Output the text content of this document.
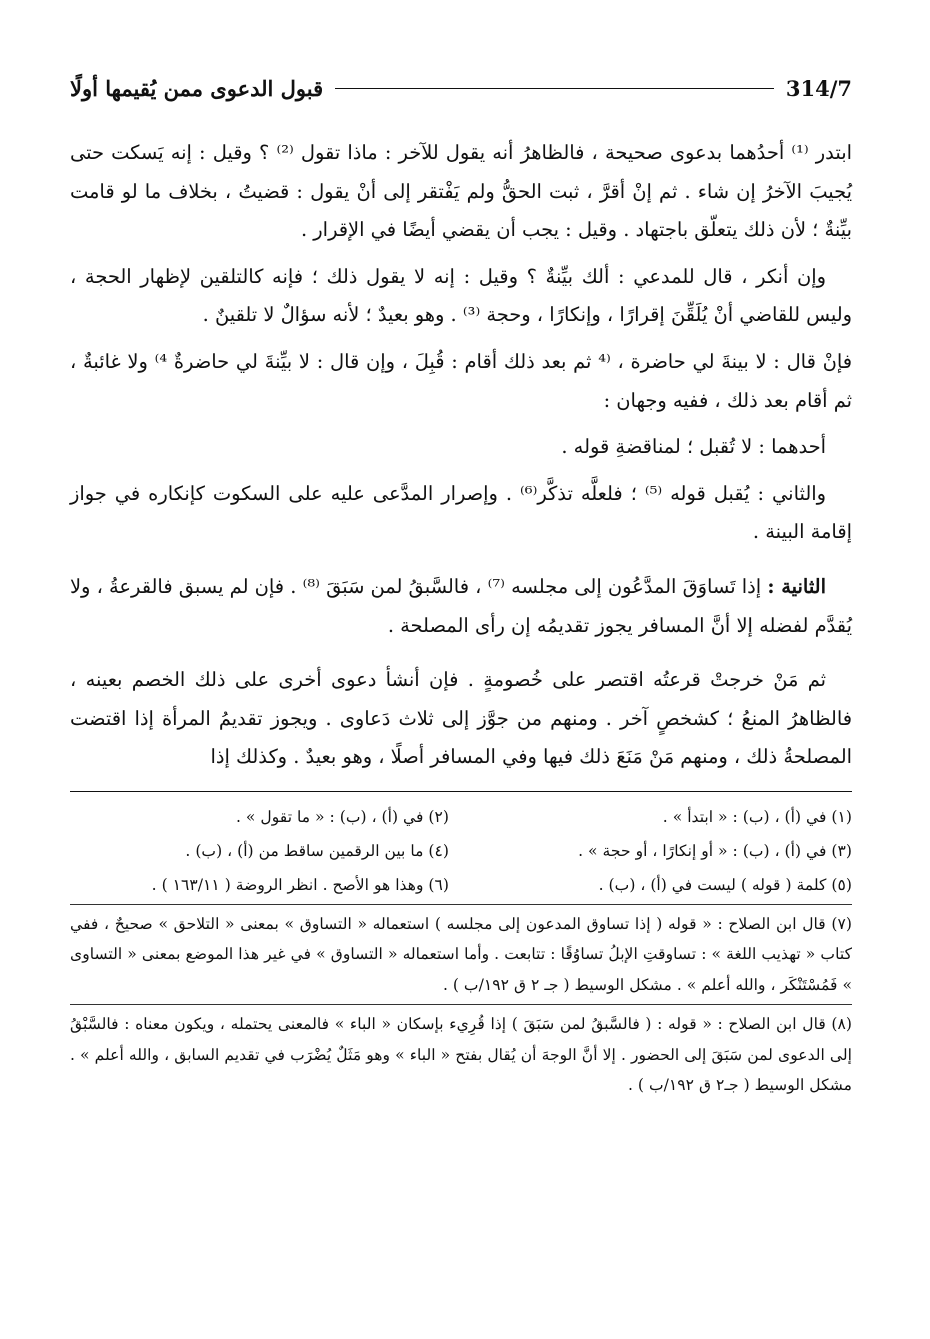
314/7
قبول الدعوى ممن يُقيمها أولًا

ابتدر ⁽¹⁾ أحدُهما بدعوى صحيحة ، فالظاهرُ أنه يقول للآخر : ماذا تقول ⁽²⁾ ؟ وقيل : إنه يَسكت حتى يُجيبَ الآخرُ إن شاء . ثم إنْ أقرَّ ، ثبت الحقُّ ولم يَفْتقر إلى أنْ يقول : قضيتُ ، بخلاف ما لو قامت بيِّنةٌ ؛ لأن ذلك يتعلّق باجتهاد . وقيل : يجب أن يقضي أيضًا في الإقرار .

وإن أنكر ، قال للمدعي : ألك بيِّنةٌ ؟ وقيل : إنه لا يقول ذلك ؛ فإنه كالتلقين لإظهار الحجة ، وليس للقاضي أنْ يُلَقِّنَ إقرارًا ، وإنكارًا ، وحجة ⁽³⁾ . وهو بعيدٌ ؛ لأنه سؤالٌ لا تلقينٌ .

فإنْ قال : لا بينةَ لي حاضرة ، ⁽⁴ ثم بعد ذلك أقام : قُبِلَ ، وإن قال : لا بيِّنةَ لي حاضرةٌ ⁴⁾ ولا غائبةٌ ، ثم أقام بعد ذلك ، ففيه وجهان :

أحدهما : لا تُقبل ؛ لمناقضةِ قوله .

والثاني : يُقبل قوله ⁽⁵⁾ ؛ فلعلَّه تذكَّر⁽⁶⁾ . وإصرار المدَّعى عليه على السكوت كإنكاره في جواز إقامة البينة .

الثانية : إذا تَساوَقَ المدَّعُون إلى مجلسه ⁽⁷⁾ ، فالسَّبقُ لمن سَبَقَ ⁽⁸⁾ . فإن لم يسبق فالقرعةُ ، ولا يُقدَّم لفضله إلا أنَّ المسافر يجوز تقديمُه إن رأى المصلحة .

ثم مَنْ خرجتْ قرعتُه اقتصر على خُصومةٍ . فإن أنشأ دعوى أخرى على ذلك الخصم بعينه ، فالظاهرُ المنعُ ؛ كشخصٍ آخر . ومنهم من جوَّز إلى ثلاث دَعاوى . ويجوز تقديمُ المرأة إذا اقتضت المصلحةُ ذلك ، ومنهم مَنْ مَنَعَ ذلك فيها وفي المسافر أصلًا ، وهو بعيدٌ . وكذلك إذا

(١) في (أ) ، (ب) : « ابتدأ » .
(٢) في (أ) ، (ب) : « ما تقول » .
(٣) في (أ) ، (ب) : « أو إنكارًا ، أو حجة » .
(٤) ما بين الرقمين ساقط من (أ) ، (ب) .
(٥) كلمة ( قوله ) ليست في (أ) ، (ب) .
(٦) وهذا هو الأصح . انظر الروضة ( ١٦٣/١١ ) .
(٧) قال ابن الصلاح : « قوله ( إذا تساوق المدعون إلى مجلسه ) استعماله « التساوق » بمعنى « التلاحق » صحيحٌ ، ففي كتاب « تهذيب اللغة » : تساوقتِ الإبلُ تساوُقًا : تتابعت . وأما استعماله « التساوق » في غير هذا الموضع بمعنى « التساوى » فَمُسْتَنْكَر ، والله أعلم » . مشكل الوسيط ( جـ ٢ ق ١٩٢/ب ) .
(٨) قال ابن الصلاح : « قوله : ( فالسَّبقُ لمن سَبَقَ ) إذا قُرِيء بإسكان « الباء » فالمعنى يحتمله ، ويكون معناه : فالسَّبْقُ إلى الدعوى لمن سَبَقَ إلى الحضور . إلا أنَّ الوجهَ أن يُقال بفتح « الباء » وهو مَثَلٌ يُضْرَب في تقديم السابق ، والله أعلم » . مشكل الوسيط ( جـ٢ ق ١٩٢/ب ) .
